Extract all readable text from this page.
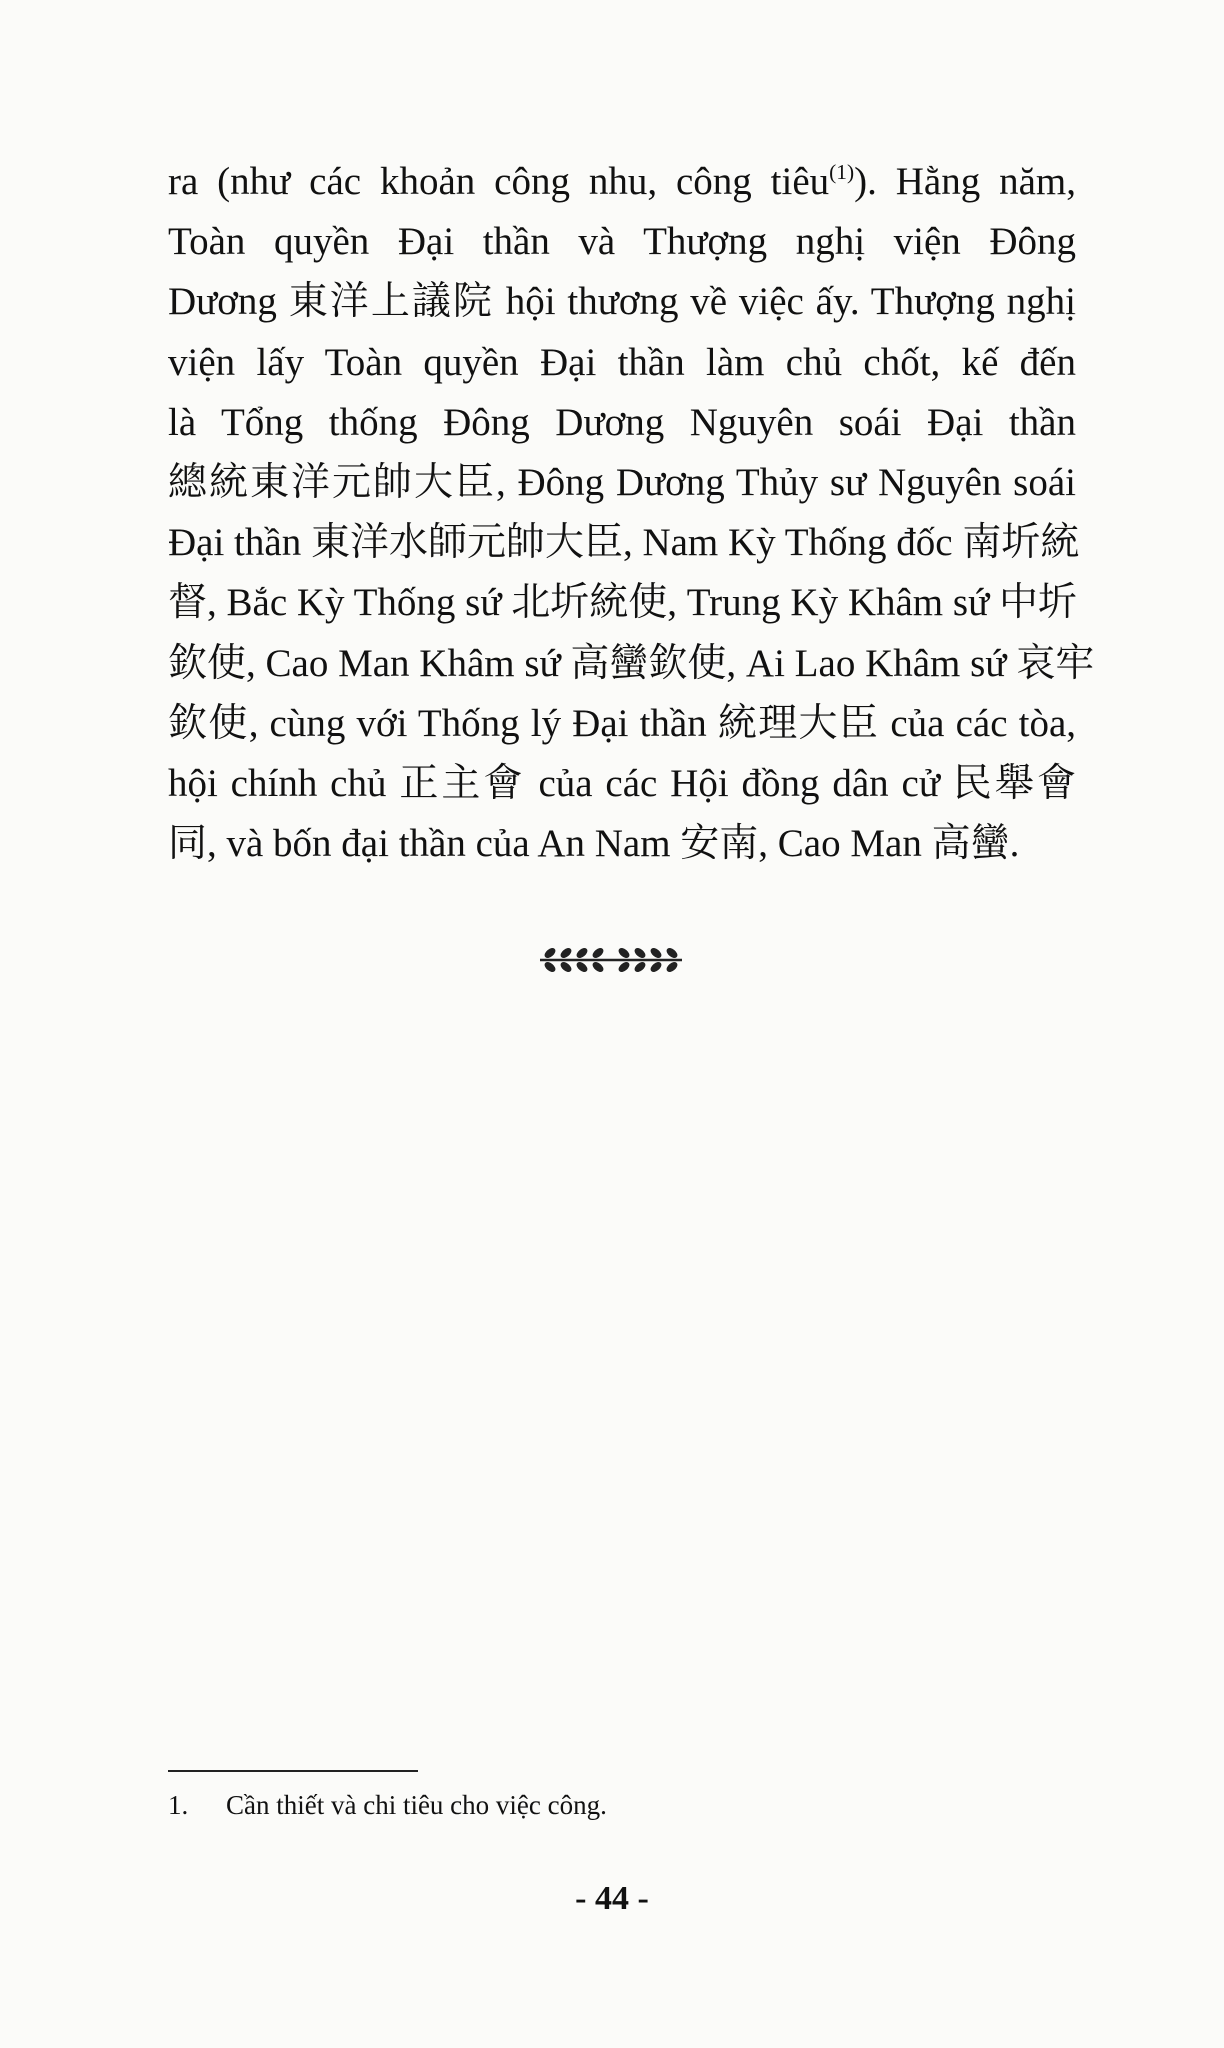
ra (như các khoản công nhu, công tiêu$^{(1)}$). Hằng năm,
Toàn quyền Đại thần và Thượng nghị viện Đông
Dương 東洋上議院 hội thương về việc ấy. Thượng nghị
viện lấy Toàn quyền Đại thần làm chủ chốt, kế đến
là Tổng thống Đông Dương Nguyên soái Đại thần
總統東洋元帥大臣, Đông Dương Thủy sư Nguyên soái
Đại thần 東洋水師元帥大臣, Nam Kỳ Thống đốc 南圻統
督, Bắc Kỳ Thống sứ 北圻統使, Trung Kỳ Khâm sứ 中圻
欽使, Cao Man Khâm sứ 高蠻欽使, Ai Lao Khâm sứ 哀牢
欽使, cùng với Thống lý Đại thần 統理大臣 của các tòa,
hội chính chủ 正主會 của các Hội đồng dân cử 民舉會
同, và bốn đại thần của An Nam 安南, Cao Man 高蠻.
1.	Cần thiết và chi tiêu cho việc công.
- 44 -
